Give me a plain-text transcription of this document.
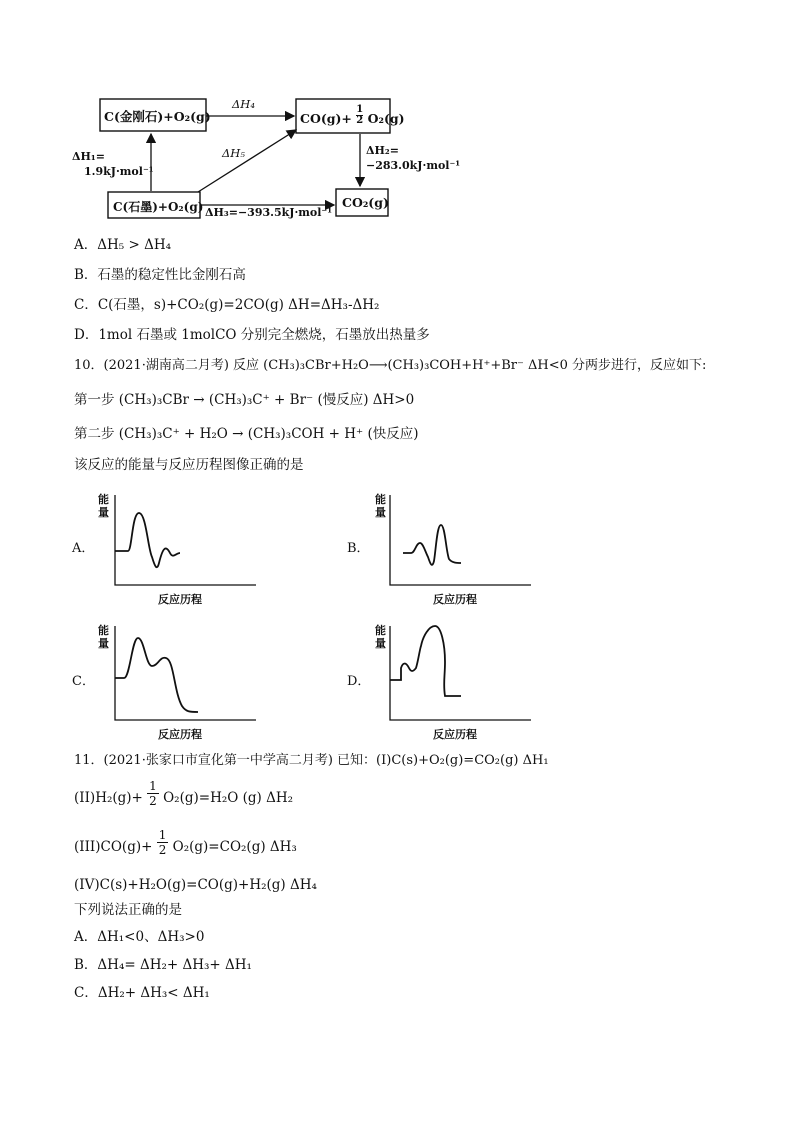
C(金刚石)+O₂(g)	$CO(g)+ \frac{1}{2} O_2(g)$
C(石墨)+O₂(g)	CO₂(g)
ΔH₄
ΔH₅
ΔH₁=
1.9kJ·mol⁻¹
ΔH₂=
−283.0kJ·mol⁻¹
ΔH₃=−393.5kJ·mol⁻¹
A．ΔH₅ > ΔH₄
B．石墨的稳定性比金刚石高
C．C(石墨，s)+CO₂(g)=2CO(g) ΔH=ΔH₃-ΔH₂
D．1mol 石墨或 1molCO 分别完全燃烧，石墨放出热量多
10．(2021·湖南高二月考) 反应 (CH₃)₃CBr+H₂O⟶(CH₃)₃COH+H⁺+Br⁻ ΔH<0 分两步进行，反应如下:
第一步 (CH₃)₃CBr → (CH₃)₃C⁺ + Br⁻ (慢反应) ΔH>0
第二步 (CH₃)₃C⁺ + H₂O → (CH₃)₃COH + H⁺ (快反应)
该反应的能量与反应历程图像正确的是
A．
能
量
反应历程
B．
能
量
反应历程
C．
能
量
反应历程
D．
能
量
反应历程
11．(2021·张家口市宣化第一中学高二月考) 已知：(I)C(s)+O₂(g)=CO₂(g) ΔH₁
$(II)H_2(g)+ \frac{1}{2} O_2(g)=H_2O$ (g) ΔH₂
$(III)CO(g)+ \frac{1}{2} O_2(g)=CO_2(g)$ ΔH₃
(IV)C(s)+H₂O(g)=CO(g)+H₂(g) ΔH₄
下列说法正确的是
A．ΔH₁<0、ΔH₃>0
B．ΔH₄= ΔH₂+ ΔH₃+ ΔH₁
C．ΔH₂+ ΔH₃< ΔH₁
